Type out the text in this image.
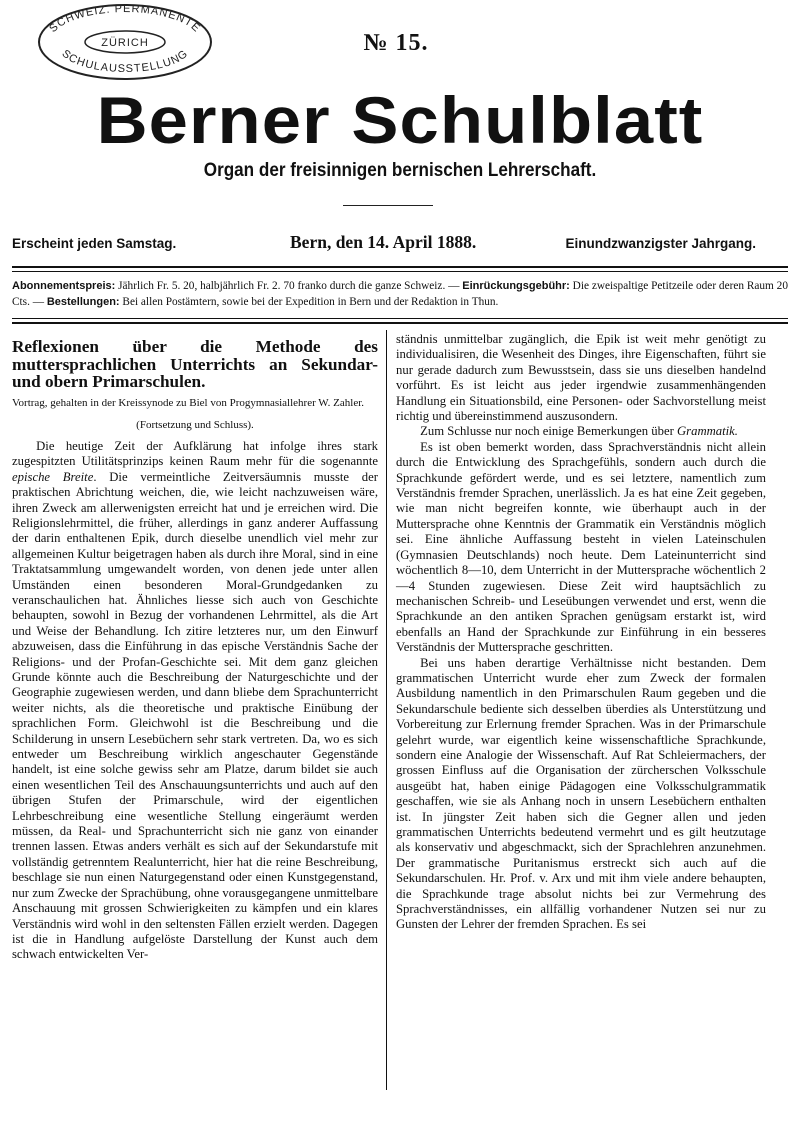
SCHWEIZ. PERMANENTE
ZÜRICH
SCHULAUSSTELLUNG	№ 15.
Berner Schulblatt
Organ der freisinnigen bernischen Lehrerschaft.
Erscheint jeden Samstag.	Bern, den 14. April 1888.	Einundzwanzigster Jahrgang.
Abonnementspreis: Jährlich Fr. 5. 20, halbjährlich Fr. 2. 70 franko durch die ganze Schweiz. — Einrückungsgebühr: Die zweispaltige Petitzeile oder deren Raum 20 Cts. — Bestellungen: Bei allen Postämtern, sowie bei der Expedition in Bern und der Redaktion in Thun.
Reflexionen über die Methode des muttersprachlichen Unterrichts an Sekundar- und obern Primarschulen.
Vortrag, gehalten in der Kreissynode zu Biel von Progymnasiallehrer W. Zahler.
(Fortsetzung und Schluss).

Die heutige Zeit der Aufklärung hat infolge ihres stark zugespitzten Utilitätsprinzips keinen Raum mehr für die sogenannte epische Breite. Die vermeintliche Zeitversäumnis musste der praktischen Abrichtung weichen, die, wie leicht nachzuweisen wäre, ihren Zweck am allerwenigsten erreicht hat und je erreichen wird. Die Religionslehrmittel, die früher, allerdings in ganz anderer Auffassung der darin enthaltenen Epik, durch dieselbe unendlich viel mehr zur allgemeinen Kultur beigetragen haben als durch ihre Moral, sind in eine Traktatsammlung umgewandelt worden, von denen jede unter allen Umständen einen besonderen Moral-Grundgedanken zu veranschaulichen hat. Ähnliches liesse sich auch von Geschichte behaupten, sowohl in Bezug der vorhandenen Lehrmittel, als die Art und Weise der Behandlung. Ich zitire letzteres nur, um den Einwurf abzuweisen, dass die Einführung in das epische Verständnis Sache der Religions- und der Profan-Geschichte sei. Mit dem ganz gleichen Grunde könnte auch die Beschreibung der Naturgeschichte und der Geographie zugewiesen werden, und dann bliebe dem Sprachunterricht weiter nichts, als die theoretische und praktische Einübung der sprachlichen Form. Gleichwohl ist die Beschreibung und die Schilderung in unsern Lesebüchern sehr stark vertreten. Da, wo es sich entweder um Beschreibung wirklich angeschauter Gegenstände handelt, ist eine solche gewiss sehr am Platze, darum bildet sie auch einen wesentlichen Teil des Anschauungsunterrichts und auch auf den übrigen Stufen der Primarschule, wird der eigentlichen Lehrbeschreibung eine wesentliche Stellung eingeräumt werden müssen, da Real- und Sprachunterricht sich nie ganz von einander trennen lassen. Etwas anders verhält es sich auf der Sekundarstufe mit vollständig getrenntem Realunterricht, hier hat die reine Beschreibung, beschlage sie nun einen Naturgegenstand oder einen Kunstgegenstand, nur zum Zwecke der Sprachübung, ohne vorausgegangene unmittelbare Anschauung mit grossen Schwierigkeiten zu kämpfen und ein klares Verständnis wird wohl in den seltensten Fällen erzielt werden. Dagegen ist die in Handlung aufgelöste Darstellung der Kunst auch dem schwach entwickelten Ver-

ständnis unmittelbar zugänglich, die Epik ist weit mehr genötigt zu individualisiren, die Wesenheit des Dinges, ihre Eigenschaften, führt sie nur gerade dadurch zum Bewusstsein, dass sie uns dieselben handelnd vorführt. Es ist leicht aus jeder irgendwie zusammenhängenden Handlung ein Situationsbild, eine Personen- oder Sachvorstellung meist richtig und übereinstimmend auszusondern.

Zum Schlusse nur noch einige Bemerkungen über Grammatik.

Es ist oben bemerkt worden, dass Sprachverständnis nicht allein durch die Entwicklung des Sprachgefühls, sondern auch durch die Sprachkunde gefördert werde, und es sei letztere, namentlich zum Verständnis fremder Sprachen, unerlässlich. Ja es hat eine Zeit gegeben, wie man nicht begreifen konnte, wie überhaupt auch in der Muttersprache ohne Kenntnis der Grammatik ein Verständnis möglich sei. Eine ähnliche Auffassung besteht in vielen Lateinschulen (Gymnasien Deutschlands) noch heute. Dem Lateinunterricht sind wöchentlich 8—10, dem Unterricht in der Muttersprache wöchentlich 2—4 Stunden zugewiesen. Diese Zeit wird hauptsächlich zu mechanischen Schreib- und Leseübungen verwendet und erst, wenn die Sprachkunde an den antiken Sprachen genügsam erstarkt ist, wird ebenfalls an Hand der Sprachkunde zur Einführung in ein besseres Verständnis der Muttersprache geschritten.

Bei uns haben derartige Verhältnisse nicht bestanden. Dem grammatischen Unterricht wurde eher zum Zweck der formalen Ausbildung namentlich in den Primarschulen Raum gegeben und die Sekundarschule bediente sich desselben überdies als Unterstützung und Vorbereitung zur Erlernung fremder Sprachen. Was in der Primarschule gelehrt wurde, war eigentlich keine wissenschaftliche Sprachkunde, sondern eine Analogie der Wissenschaft. Auf Rat Schleiermachers, der grossen Einfluss auf die Organisation der zürcherschen Volksschule ausgeübt hat, haben einige Pädagogen eine Volksschulgrammatik geschaffen, wie sie als Anhang noch in unsern Lesebüchern enthalten ist. In jüngster Zeit haben sich die Gegner allen und jeden grammatischen Unterrichts bedeutend vermehrt und es gilt heutzutage als konservativ und abgeschmackt, sich der Sprachlehren anzunehmen. Der grammatische Puritanismus erstreckt sich auch auf die Sekundarschulen. Hr. Prof. v. Arx und mit ihm viele andere behaupten, die Sprachkunde trage absolut nichts bei zur Vermehrung des Sprachverständnisses, ein allfällig vorhandener Nutzen sei nur zu Gunsten der Lehrer der fremden Sprachen. Es sei
